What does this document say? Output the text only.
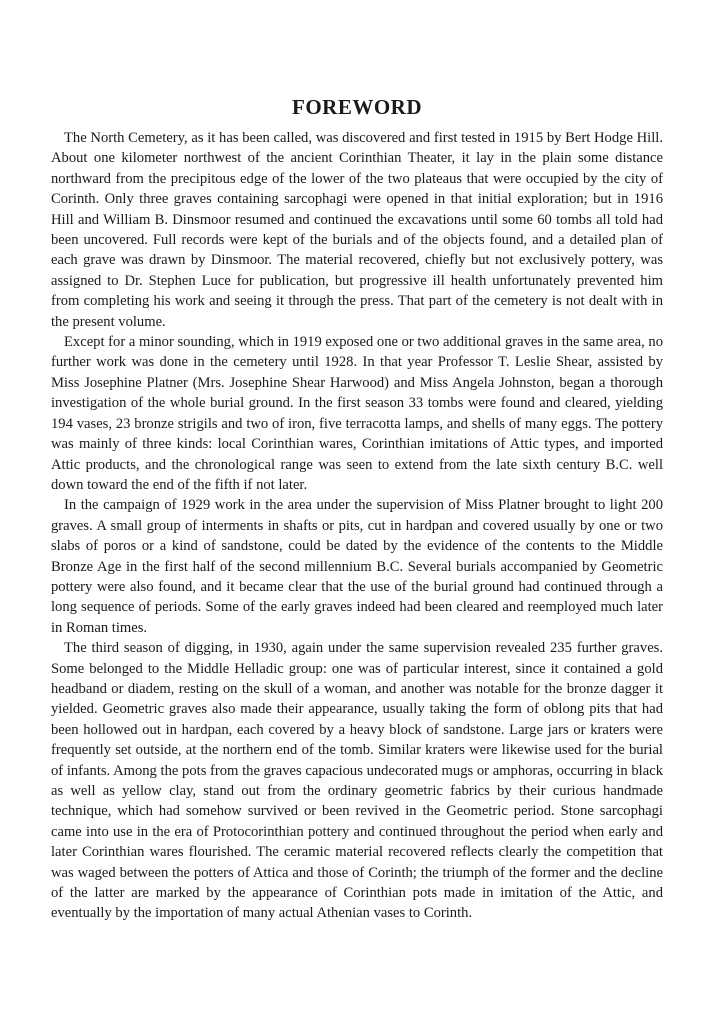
FOREWORD

The North Cemetery, as it has been called, was discovered and first tested in 1915 by Bert Hodge Hill. About one kilometer northwest of the ancient Corinthian Theater, it lay in the plain some distance northward from the precipitous edge of the lower of the two plateaus that were occupied by the city of Corinth. Only three graves containing sarcophagi were opened in that initial exploration; but in 1916 Hill and William B. Dinsmoor resumed and continued the excavations until some 60 tombs all told had been uncovered. Full records were kept of the burials and of the objects found, and a detailed plan of each grave was drawn by Dinsmoor. The material recovered, chiefly but not exclusively pottery, was assigned to Dr. Stephen Luce for publication, but progressive ill health unfortunately prevented him from completing his work and seeing it through the press. That part of the cemetery is not dealt with in the present volume.

Except for a minor sounding, which in 1919 exposed one or two additional graves in the same area, no further work was done in the cemetery until 1928. In that year Professor T. Leslie Shear, assisted by Miss Josephine Platner (Mrs. Josephine Shear Harwood) and Miss Angela Johnston, began a thorough investigation of the whole burial ground. In the first season 33 tombs were found and cleared, yielding 194 vases, 23 bronze strigils and two of iron, five terracotta lamps, and shells of many eggs. The pottery was mainly of three kinds: local Corinthian wares, Corinthian imitations of Attic types, and imported Attic products, and the chronological range was seen to extend from the late sixth century B.C. well down toward the end of the fifth if not later.

In the campaign of 1929 work in the area under the supervision of Miss Platner brought to light 200 graves. A small group of interments in shafts or pits, cut in hardpan and covered usually by one or two slabs of poros or a kind of sandstone, could be dated by the evidence of the contents to the Middle Bronze Age in the first half of the second millennium B.C. Several burials accompanied by Geometric pottery were also found, and it became clear that the use of the burial ground had continued through a long sequence of periods. Some of the early graves indeed had been cleared and reemployed much later in Roman times.

The third season of digging, in 1930, again under the same supervision revealed 235 further graves. Some belonged to the Middle Helladic group: one was of particular interest, since it contained a gold headband or diadem, resting on the skull of a woman, and another was notable for the bronze dagger it yielded. Geometric graves also made their appearance, usually taking the form of oblong pits that had been hollowed out in hardpan, each covered by a heavy block of sandstone. Large jars or kraters were frequently set outside, at the northern end of the tomb. Similar kraters were likewise used for the burial of infants. Among the pots from the graves capacious undecorated mugs or amphoras, occurring in black as well as yellow clay, stand out from the ordinary geometric fabrics by their curious handmade technique, which had somehow survived or been revived in the Geometric period. Stone sarcophagi came into use in the era of Protocorinthian pottery and continued throughout the period when early and later Corinthian wares flourished. The ceramic material recovered reflects clearly the competition that was waged between the potters of Attica and those of Corinth; the triumph of the former and the decline of the latter are marked by the appearance of Corinthian pots made in imitation of the Attic, and eventually by the importation of many actual Athenian vases to Corinth.
